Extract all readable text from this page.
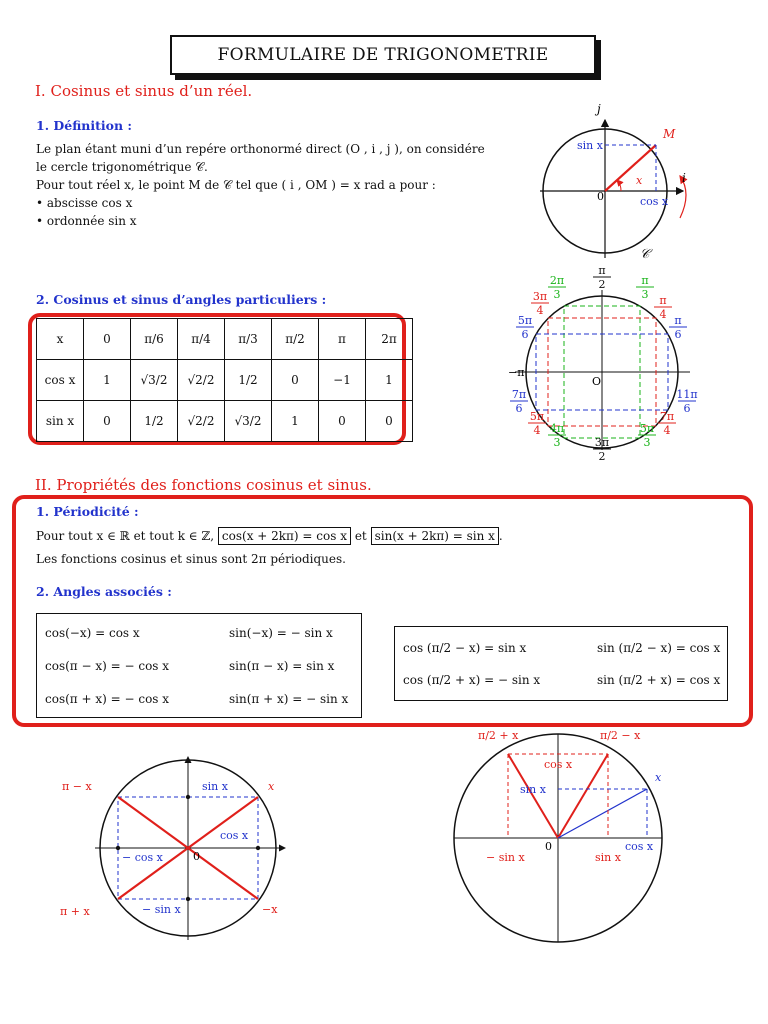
FORMULAIRE DE TRIGONOMETRIE
I. Cosinus et sinus d’un réel.
1. Définition :
Le plan étant muni d’un repére orthonormé direct (O , i , j ), on considére
le cercle trigonométrique 𝒞.
Pour tout réel x, le point M de 𝒞 tel que ( i , OM ) = x rad a pour :
• abscisse cos x
• ordonnée sin x
2. Cosinus et sinus d’angles particuliers :
x	0	π/6	π/4	π/3	π/2	π	2π
cos x	1	√3/2	√2/2	1/2	0	−1	1
sin x	0	1/2	√2/2	√3/2	1	0	0
II. Propriétés des fonctions cosinus et sinus.
1. Périodicité :
Pour tout x ∈ ℝ et tout k ∈ ℤ, cos(x + 2kπ) = cos x et sin(x + 2kπ) = sin x .
Les fonctions cosinus et sinus sont 2π périodiques.
2. Angles associés :
cos(−x) = cos x	sin(−x) = − sin x
cos(π − x) = − cos x	sin(π − x) = sin x
cos(π + x) = − cos x	sin(π + x) = − sin x
cos (π/2 − x) = sin x	sin (π/2 − x) = cos x
cos (π/2 + x) = − sin x	sin (π/2 + x) = cos x
j
i
M
sin x
cos x
x
0
𝒞
π
2	π
3 π
4 π
6
2π
3
3π
4
5π
6
7π
6
5π
4 4π
3	3π
2
5π
3
7π
4
11π
6
−π
O
π − x	x
π + x	−x
sin x
cos x
− cos x
− sin x
0
π/2 + x	π/2 − x
x
cos x
sin x
0
− sin x	sin x
cos x
